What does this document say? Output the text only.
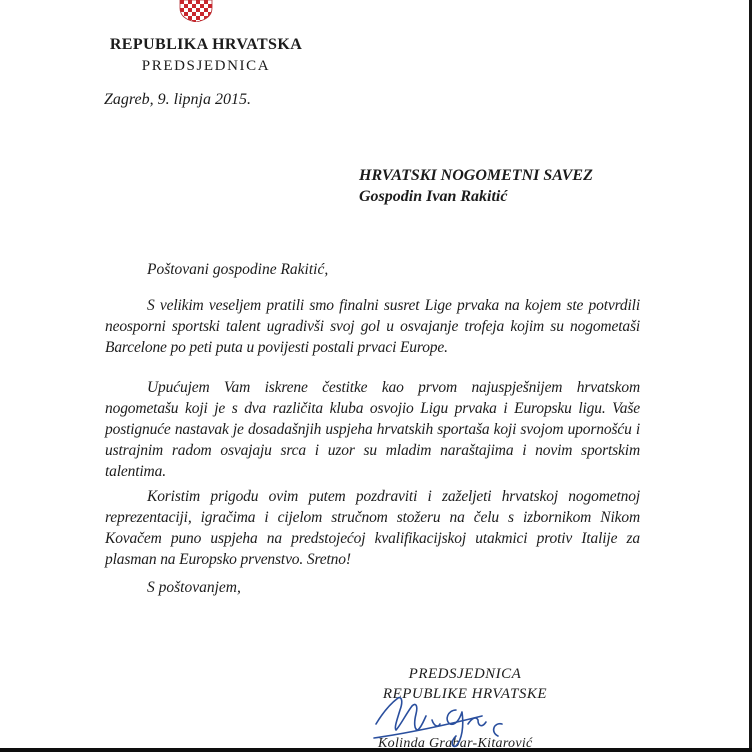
REPUBLIKA HRVATSKA
PREDSJEDNICA
Zagreb, 9. lipnja 2015.
HRVATSKI NOGOMETNI SAVEZ
Gospodin Ivan Rakitić
Poštovani gospodine Rakitić,

S velikim veseljem pratili smo finalni susret Lige prvaka na kojem ste potvrdili neosporni sportski talent ugradivši svoj gol u osvajanje trofeja kojim su nogometaši Barcelone po peti puta u povijesti postali prvaci Europe.

Upućujem Vam iskrene čestitke kao prvom najuspješnijem hrvatskom nogometašu koji je s dva različita kluba osvojio Ligu prvaka i Europsku ligu. Vaše postignuće nastavak je dosadašnjih uspjeha hrvatskih sportaša koji svojom upornošću i ustrajnim radom osvajaju srca i uzor su mladim naraštajima i novim sportskim talentima.

Koristim prigodu ovim putem pozdraviti i zaželjeti hrvatskoj nogometnoj reprezentaciji, igračima i cijelom stručnom stožeru na čelu s izbornikom Nikom Kovačem puno uspjeha na predstojećoj kvalifikacijskoj utakmici protiv Italije za plasman na Europsko prvenstvo. Sretno!

S poštovanjem,
PREDSJEDNICA
REPUBLIKE HRVATSKE
Kolinda Grabar-Kitarović
